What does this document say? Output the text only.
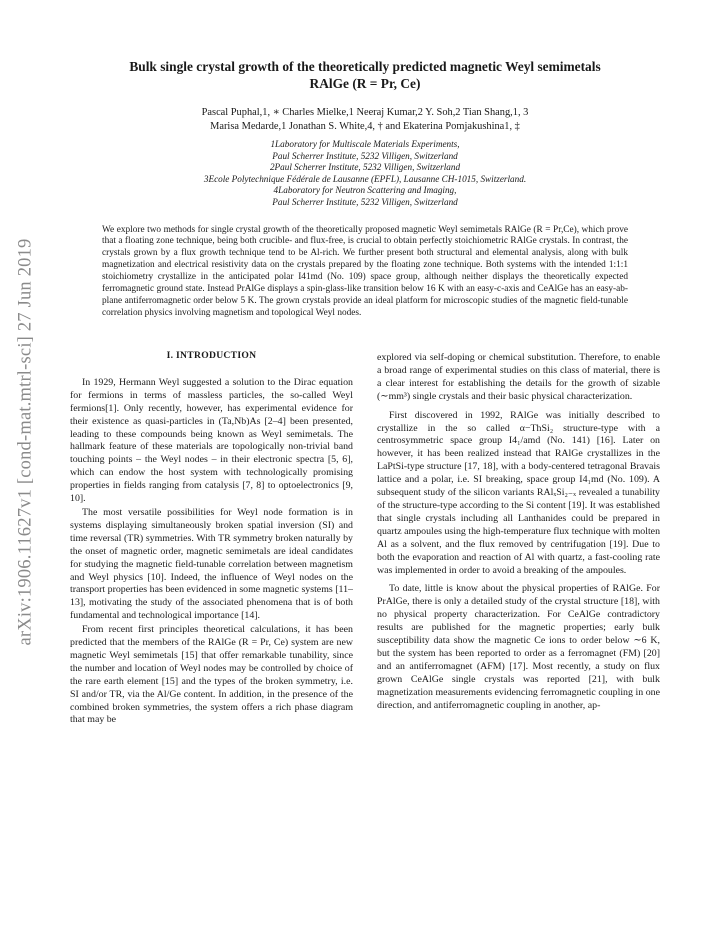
arXiv:1906.11627v1 [cond-mat.mtrl-sci] 27 Jun 2019
Bulk single crystal growth of the theoretically predicted magnetic Weyl semimetals
RAlGe (R = Pr, Ce)
Pascal Puphal,1, ∗ Charles Mielke,1 Neeraj Kumar,2 Y. Soh,2 Tian Shang,1, 3
Marisa Medarde,1 Jonathan S. White,4, † and Ekaterina Pomjakushina1, ‡
1Laboratory for Multiscale Materials Experiments,
Paul Scherrer Institute, 5232 Villigen, Switzerland
2Paul Scherrer Institute, 5232 Villigen, Switzerland
3Ecole Polytechnique Fédérale de Lausanne (EPFL), Lausanne CH-1015, Switzerland.
4Laboratory for Neutron Scattering and Imaging,
Paul Scherrer Institute, 5232 Villigen, Switzerland
We explore two methods for single crystal growth of the theoretically proposed magnetic Weyl semimetals RAlGe (R = Pr,Ce), which prove that a floating zone technique, being both crucible- and flux-free, is crucial to obtain perfectly stoichiometric RAlGe crystals. In contrast, the crystals grown by a flux growth technique tend to be Al-rich. We further present both structural and elemental analysis, along with bulk magnetization and electrical resistivity data on the crystals prepared by the floating zone technique. Both systems with the intended 1:1:1 stoichiometry crystallize in the anticipated polar I41md (No. 109) space group, although neither displays the theoretically expected ferromagnetic ground state. Instead PrAlGe displays a spin-glass-like transition below 16 K with an easy-c-axis and CeAlGe has an easy-ab-plane antiferromagnetic order below 5 K. The grown crystals provide an ideal platform for microscopic studies of the magnetic field-tunable correlation physics involving magnetism and topological Weyl nodes.
I. INTRODUCTION

In 1929, Hermann Weyl suggested a solution to the Dirac equation for fermions in terms of massless particles, the so-called Weyl fermions[1]. Only recently, however, has experimental evidence for their existence as quasi-particles in (Ta,Nb)As [2–4] been presented, leading to these compounds being known as Weyl semimetals. The hallmark feature of these materials are topologically non-trivial band touching points – the Weyl nodes – in their electronic spectra [5, 6], which can endow the host system with technologically promising properties in fields ranging from catalysis [7, 8] to optoelectronics [9, 10].

The most versatile possibilities for Weyl node formation is in systems displaying simultaneously broken spatial inversion (SI) and time reversal (TR) symmetries. With TR symmetry broken naturally by the onset of magnetic order, magnetic semimetals are ideal candidates for studying the magnetic field-tunable correlation between magnetism and Weyl physics [10]. Indeed, the influence of Weyl nodes on the transport properties has been evidenced in some magnetic systems [11–13], motivating the study of the associated phenomena that is of both fundamental and technological importance [14].

From recent first principles theoretical calculations, it has been predicted that the members of the RAlGe (R = Pr, Ce) system are new magnetic Weyl semimetals [15] that offer remarkable tunability, since the number and location of Weyl nodes may be controlled by choice of the rare earth element [15] and the types of the broken symmetry, i.e. SI and/or TR, via the Al/Ge content. In addition, in the presence of the combined broken symmetries, the system offers a rich phase diagram that may be

explored via self-doping or chemical substitution. Therefore, to enable a broad range of experimental studies on this class of material, there is a clear interest for establishing the details for the growth of sizable (∼mm³) single crystals and their basic physical characterization.

First discovered in 1992, RAlGe was initially described to crystallize in the so called α−ThSi₂ structure-type with a centrosymmetric space group I4₁/amd (No. 141) [16]. Later on however, it has been realized instead that RAlGe crystallizes in the LaPtSi-type structure [17, 18], with a body-centered tetragonal Bravais lattice and a polar, i.e. SI breaking, space group I4₁md (No. 109). A subsequent study of the silicon variants RAlₓSi₂₋ₓ revealed a tunability of the structure-type according to the Si content [19]. It was established that single crystals including all Lanthanides could be prepared in quartz ampoules using the high-temperature flux technique with molten Al as a solvent, and the flux removed by centrifugation [19]. Due to both the evaporation and reaction of Al with quartz, a fast-cooling rate was implemented in order to avoid a breaking of the ampoules.

To date, little is know about the physical properties of RAlGe. For PrAlGe, there is only a detailed study of the crystal structure [18], with no physical property characterization. For CeAlGe contradictory results are published for the magnetic properties; early bulk susceptibility data show the magnetic Ce ions to order below ∼6 K, but the system has been reported to order as a ferromagnet (FM) [20] and an antiferromagnet (AFM) [17]. Most recently, a study on flux grown CeAlGe single crystals was reported [21], with bulk magnetization measurements evidencing ferromagnetic coupling in one direction, and antiferromagnetic coupling in another, ap-
